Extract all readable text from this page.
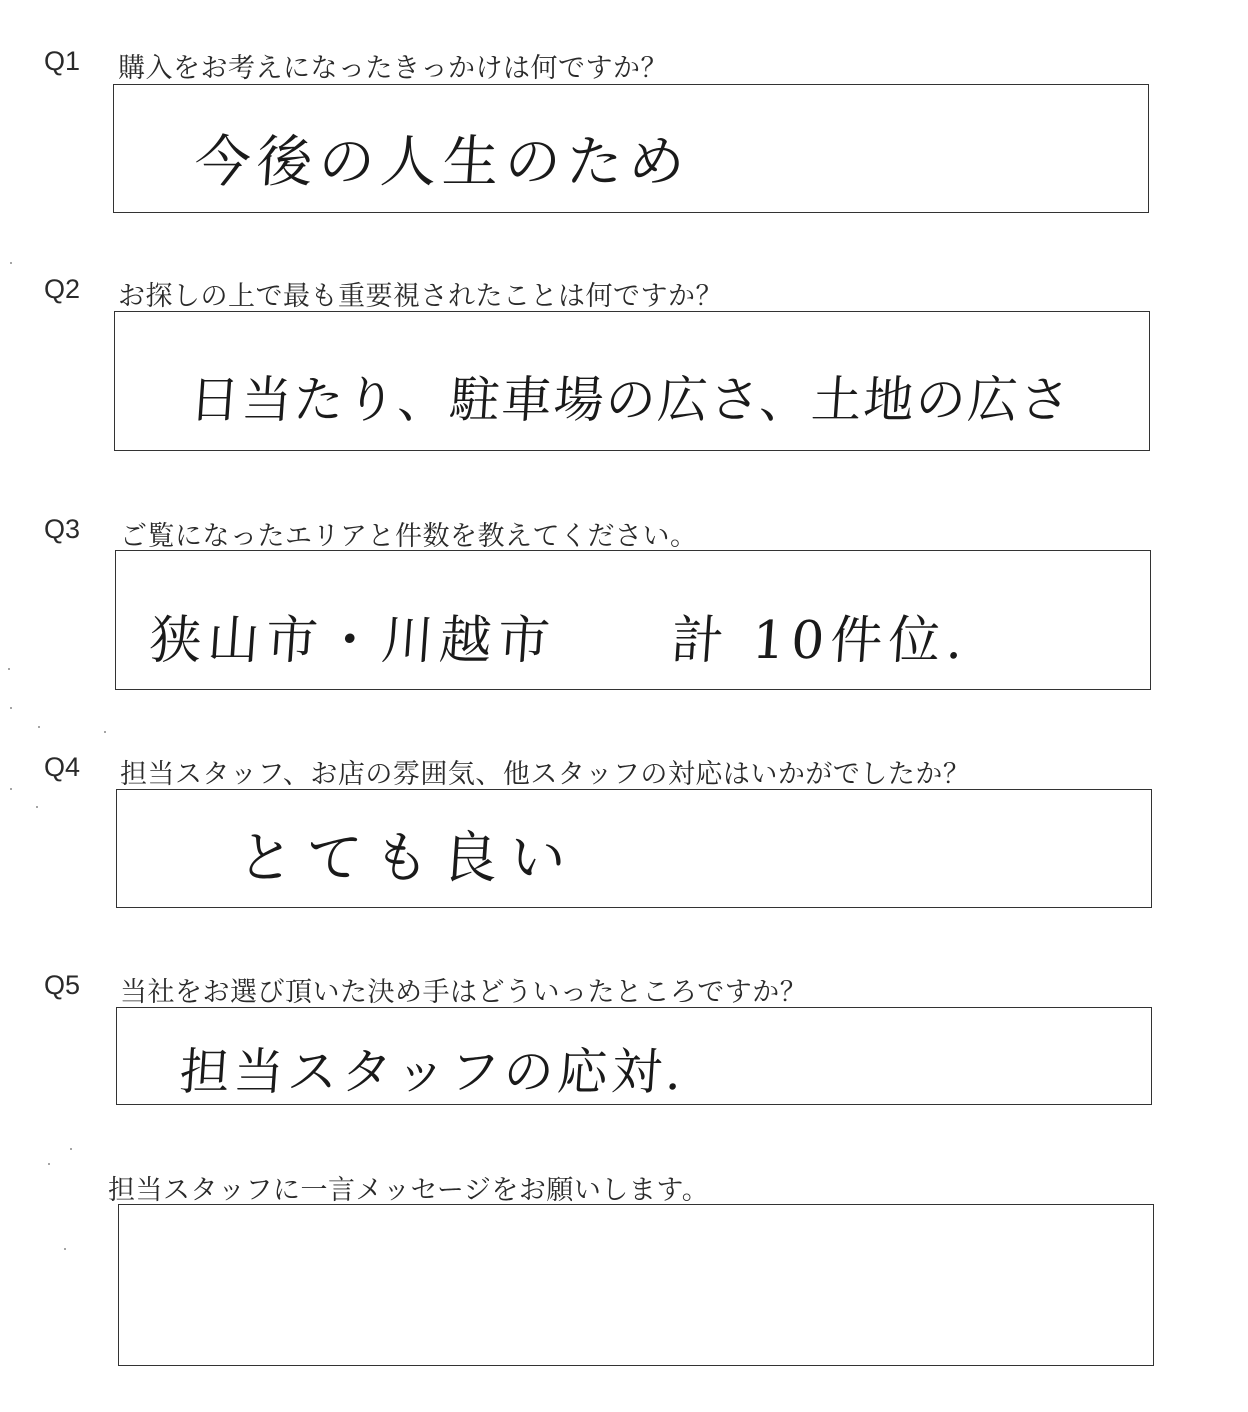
Q1 購入をお考えになったきっかけは何ですか？
今後の人生のため
Q2 お探しの上で最も重要視されたことは何ですか？
日当たり、駐車場の広さ、土地の広さ
Q3 ご覧になったエリアと件数を教えてください。
狭山市・川越市　　計 10件位.
Q4 担当スタッフ、お店の雰囲気、他スタッフの対応はいかがでしたか？
とても良い
Q5 当社をお選び頂いた決め手はどういったところですか？
担当スタッフの応対.
担当スタッフに一言メッセージをお願いします。
